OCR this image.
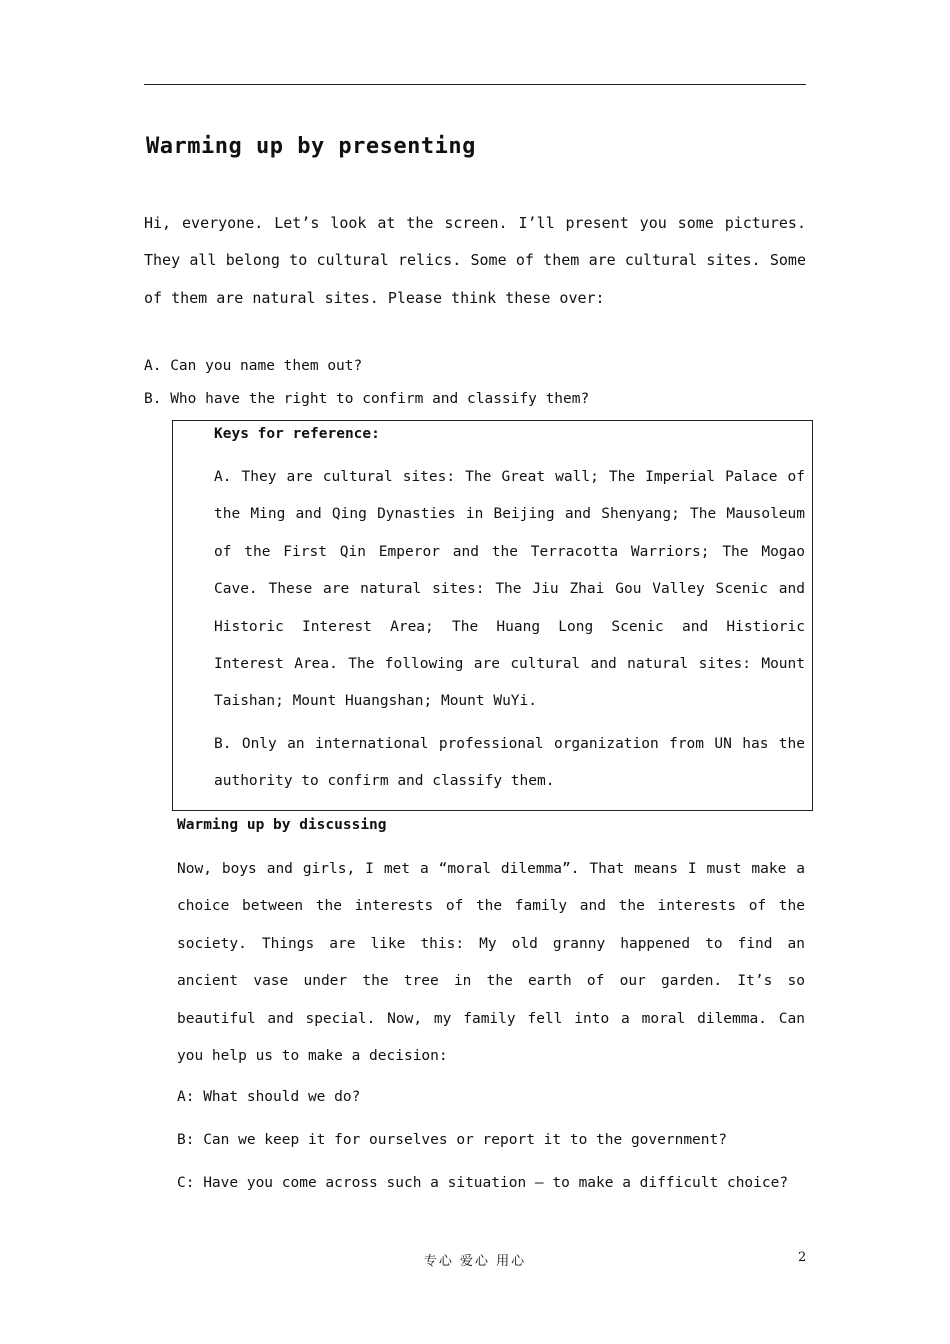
Warming up by presenting
Hi, everyone. Let’s look at the screen. I’ll present you some pictures. They all belong to cultural relics. Some of them are cultural sites. Some of them are natural sites. Please think these over:
A. Can you name them out?
B. Who have the right to confirm and classify them?
Keys for reference:
A. They are cultural sites: The Great wall; The Imperial Palace of the Ming and Qing Dynasties in Beijing and Shenyang; The Mausoleum of the First Qin Emperor and the Terracotta Warriors; The Mogao Cave. These are natural sites: The Jiu Zhai Gou Valley Scenic and Historic Interest Area; The Huang Long Scenic and Histioric Interest Area. The following are cultural and natural sites: Mount Taishan; Mount Huangshan; Mount WuYi.
B. Only an international professional organization from UN has the authority to confirm and classify them.
Warming up by discussing
Now, boys and girls, I met a “moral dilemma”. That means I must make a choice between the interests of the family and the interests of the society. Things are like this: My old granny happened to find an ancient vase under the tree in the earth of our garden. It’s so beautiful and special. Now, my family fell into a moral dilemma. Can you help us to make a decision:
A: What should we do?
B: Can we keep it for ourselves or report it to the government?
C: Have you come across such a situation — to make a difficult choice?
专心 爱心 用心	2
